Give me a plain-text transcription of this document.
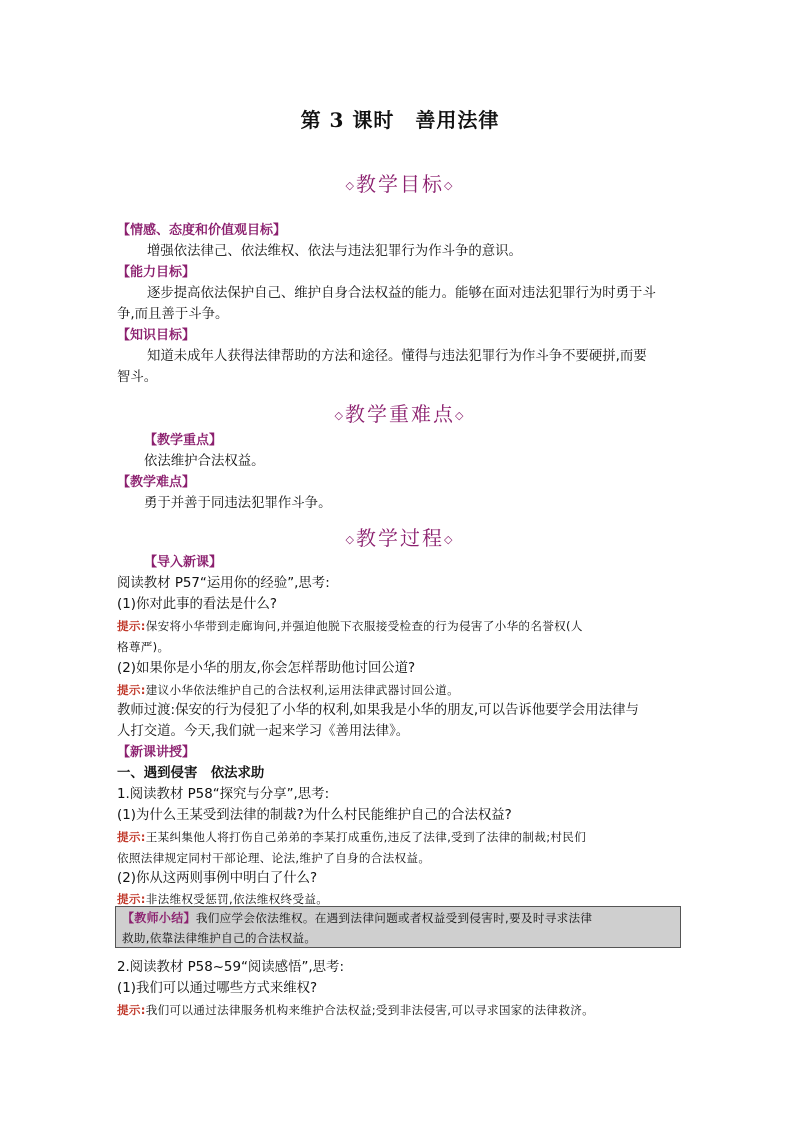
第 3 课时　善用法律
◇教学目标◇
【情感、态度和价值观目标】
增强依法律己、依法维权、依法与违法犯罪行为作斗争的意识。
【能力目标】
逐步提高依法保护自己、维护自身合法权益的能力。能够在面对违法犯罪行为时勇于斗
争,而且善于斗争。
【知识目标】
知道未成年人获得法律帮助的方法和途径。懂得与违法犯罪行为作斗争不要硬拼,而要
智斗。
◇教学重难点◇
【教学重点】
依法维护合法权益。
【教学难点】
勇于并善于同违法犯罪作斗争。
◇教学过程◇
【导入新课】
阅读教材 P57“运用你的经验”,思考:
(1)你对此事的看法是什么?
提示:保安将小华带到走廊询问,并强迫他脱下衣服接受检查的行为侵害了小华的名誉权(人
格尊严)。
(2)如果你是小华的朋友,你会怎样帮助他讨回公道?
提示:建议小华依法维护自己的合法权利,运用法律武器讨回公道。
教师过渡:保安的行为侵犯了小华的权利,如果我是小华的朋友,可以告诉他要学会用法律与
人打交道。今天,我们就一起来学习《善用法律》。
【新课讲授】
一、遇到侵害　依法求助
1.阅读教材 P58“探究与分享”,思考:
(1)为什么王某受到法律的制裁?为什么村民能维护自己的合法权益?
提示:王某纠集他人将打伤自己弟弟的李某打成重伤,违反了法律,受到了法律的制裁;村民们
依照法律规定同村干部论理、论法,维护了自身的合法权益。
(2)你从这两则事例中明白了什么?
提示:非法维权受惩罚,依法维权终受益。
【教师小结】我们应学会依法维权。在遇到法律问题或者权益受到侵害时,要及时寻求法律
救助,依靠法律维护自己的合法权益。
2.阅读教材 P58~59“阅读感悟”,思考:
(1)我们可以通过哪些方式来维权?
提示:我们可以通过法律服务机构来维护合法权益;受到非法侵害,可以寻求国家的法律救济。
